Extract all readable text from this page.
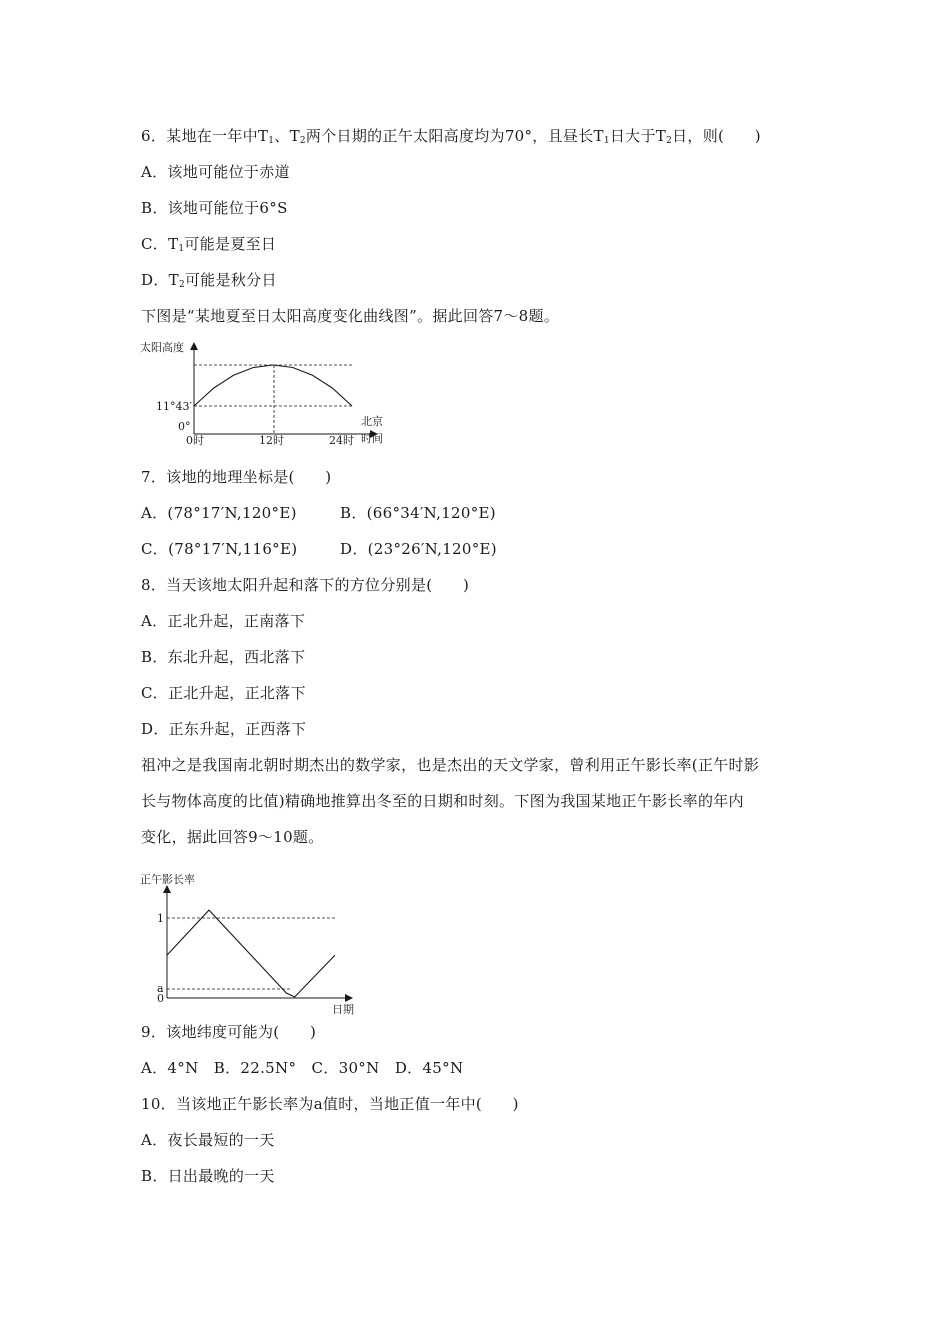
6．某地在一年中$T_1$、$T_2$两个日期的正午太阳高度均为70°，且昼长$T_1$日大于$T_2$日，则(　　)
A．该地可能位于赤道
B．该地可能位于6°S
C．$T_1$可能是夏至日
D．$T_2$可能是秋分日
下图是“某地夏至日太阳高度变化曲线图”。据此回答7～8题。
太阳高度
11°43′
0°
0时	12时	24时
北京
时间
7．该地的地理坐标是(　　)
A．(78°17′N,120°E)	B．(66°34′N,120°E)
C．(78°17′N,116°E)	D．(23°26′N,120°E)
8．当天该地太阳升起和落下的方位分别是(　　)
A．正北升起，正南落下
B．东北升起，西北落下
C．正北升起，正北落下
D．正东升起，正西落下
祖冲之是我国南北朝时期杰出的数学家，也是杰出的天文学家，曾利用正午影长率(正午时影
长与物体高度的比值)精确地推算出冬至的日期和时刻。下图为我国某地正午影长率的年内
变化，据此回答9～10题。
正午影长率
1
a
0
日期
9．该地纬度可能为(　　)
A．4°N　B．22.5N°　C．30°N　D．45°N
10．当该地正午影长率为a值时，当地正值一年中(　　)
A．夜长最短的一天
B．日出最晚的一天
